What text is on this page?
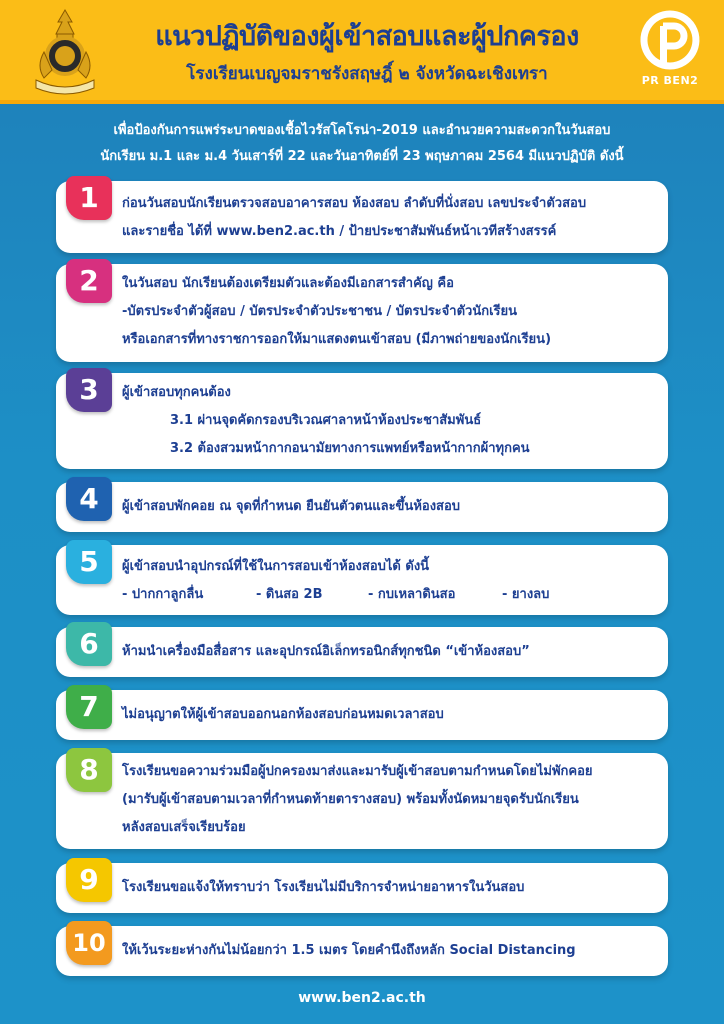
แนวปฏิบัติของผู้เข้าสอบและผู้ปกครอง
โรงเรียนเบญจมราชรังสฤษฎิ์ ๒ จังหวัดฉะเชิงเทรา	PR BEN2
เพื่อป้องกันการแพร่ระบาดของเชื้อไวรัสโคโรน่า-2019 และอำนวยความสะดวกในวันสอบ
นักเรียน ม.1 และ ม.4 วันเสาร์ที่ 22 และวันอาทิตย์ที่ 23 พฤษภาคม 2564 มีแนวปฏิบัติ ดังนี้
ก่อนวันสอบนักเรียนตรวจสอบอาคารสอบ ห้องสอบ ลำดับที่นั่งสอบ เลขประจำตัวสอบ
และรายชื่อ ได้ที่ www.ben2.ac.th / ป้ายประชาสัมพันธ์หน้าเวทีสร้างสรรค์
1
ในวันสอบ นักเรียนต้องเตรียมตัวและต้องมีเอกสารสำคัญ คือ
-บัตรประจำตัวผู้สอบ / บัตรประจำตัวประชาชน / บัตรประจำตัวนักเรียน
หรือเอกสารที่ทางราชการออกให้มาแสดงตนเข้าสอบ (มีภาพถ่ายของนักเรียน)
2
ผู้เข้าสอบทุกคนต้อง
3.1 ผ่านจุดคัดกรองบริเวณศาลาหน้าห้องประชาสัมพันธ์
3.2 ต้องสวมหน้ากากอนามัยทางการแพทย์หรือหน้ากากผ้าทุกคน
3
ผู้เข้าสอบพักคอย ณ จุดที่กำหนด ยืนยันตัวตนและขึ้นห้องสอบ
4
ผู้เข้าสอบนำอุปกรณ์ที่ใช้ในการสอบเข้าห้องสอบได้ ดังนี้
- ปากกาลูกลื่น	- ดินสอ 2B	- กบเหลาดินสอ	- ยางลบ
5
ห้ามนำเครื่องมือสื่อสาร และอุปกรณ์อิเล็กทรอนิกส์ทุกชนิด “เข้าห้องสอบ”
6
ไม่อนุญาตให้ผู้เข้าสอบออกนอกห้องสอบก่อนหมดเวลาสอบ
7
โรงเรียนขอความร่วมมือผู้ปกครองมาส่งและมารับผู้เข้าสอบตามกำหนดโดยไม่พักคอย
(มารับผู้เข้าสอบตามเวลาที่กำหนดท้ายตารางสอบ) พร้อมทั้งนัดหมายจุดรับนักเรียน
หลังสอบเสร็จเรียบร้อย
8
โรงเรียนขอแจ้งให้ทราบว่า โรงเรียนไม่มีบริการจำหน่ายอาหารในวันสอบ
9
ให้เว้นระยะห่างกันไม่น้อยกว่า 1.5 เมตร โดยคำนึงถึงหลัก Social Distancing
10
www.ben2.ac.th
